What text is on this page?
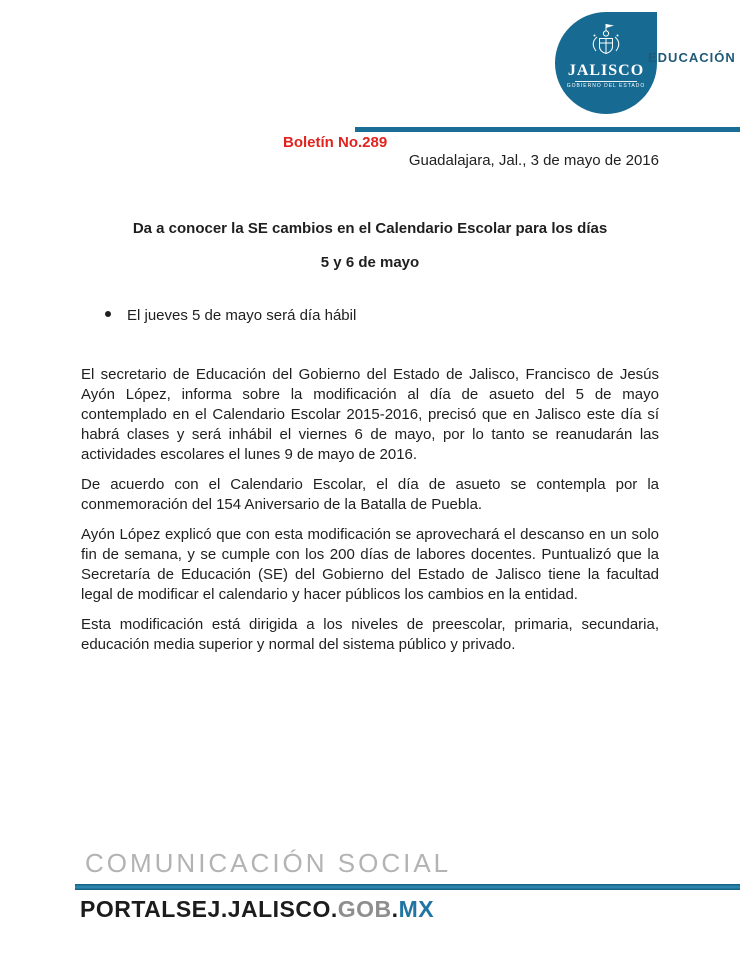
JALISCO
GOBIERNO DEL ESTADO
EDUCACIÓN
Boletín No.289
Guadalajara, Jal., 3 de mayo de 2016
Da a conocer la SE cambios en el Calendario Escolar para los días
5 y 6 de mayo
El jueves 5 de mayo será día hábil

El secretario de Educación del Gobierno del Estado de Jalisco, Francisco de Jesús Ayón López, informa sobre la modificación al día de asueto del 5 de mayo contemplado en el Calendario Escolar 2015-2016, precisó que en Jalisco este día sí habrá clases y será inhábil el viernes 6 de mayo, por lo tanto se reanudarán las actividades escolares el lunes 9 de mayo de 2016.

De acuerdo con el Calendario Escolar, el día de asueto se contempla por la conmemoración del 154 Aniversario de la Batalla de Puebla.

Ayón López explicó que con esta modificación se aprovechará el descanso en un solo fin de semana, y se cumple con los 200 días de labores docentes. Puntualizó que la Secretaría de Educación (SE) del Gobierno del Estado de Jalisco tiene la facultad legal de modificar el calendario y hacer públicos los cambios en la entidad.

Esta modificación está dirigida a los niveles de preescolar, primaria, secundaria, educación media superior y normal del sistema público y privado.

COMUNICACIÓN SOCIAL
PORTALSEJ.JALISCO.GOB.MX
